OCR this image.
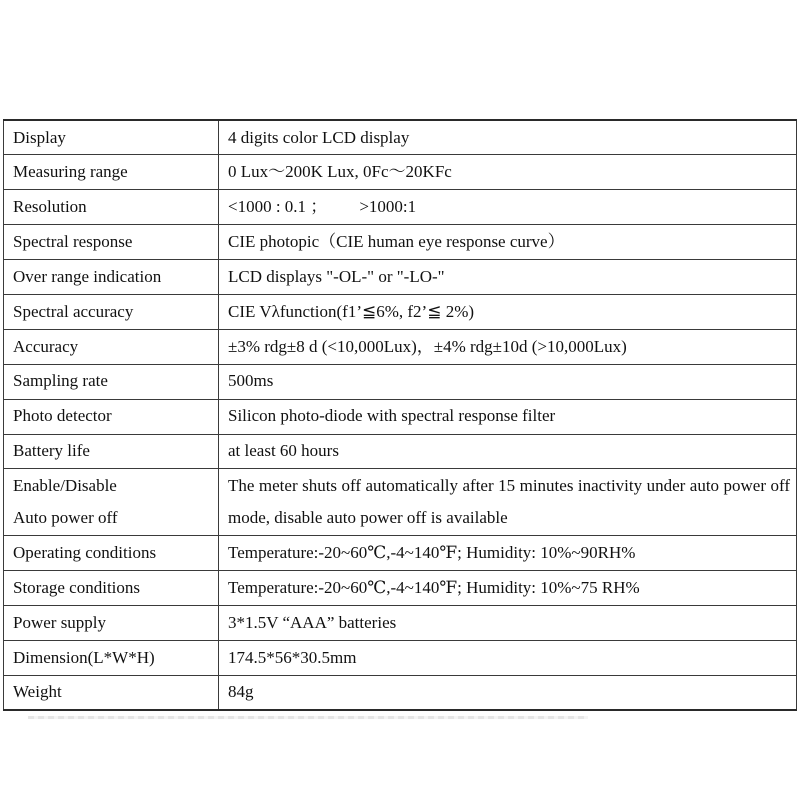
Display	4 digits color LCD display
Measuring range	0 Lux～200K Lux, 0Fc～20KFc
Resolution	<1000 : 0.1 ； >1000:1
Spectral response	CIE photopic（CIE human eye response curve）
Over range indication	LCD displays "-OL-" or "-LO-"
Spectral accuracy	CIE Vλfunction(f1’≦6%, f2’≦ 2%)
Accuracy	±3% rdg±8 d (<10,000Lux)，±4% rdg±10d (>10,000Lux)
Sampling rate	500ms
Photo detector	Silicon photo-diode with spectral response filter
Battery life	at least 60 hours

Enable/Disable
Auto power off	The meter shuts off automatically after 15 minutes inactivity under auto power off mode, disable auto power off is available

Operating conditions	Temperature:-20~60℃,-4~140℉; Humidity: 10%~90RH%
Storage conditions	Temperature:-20~60℃,-4~140℉; Humidity: 10%~75 RH%
Power supply	3*1.5V “AAA” batteries
Dimension(L*W*H)	174.5*56*30.5mm
Weight	84g
